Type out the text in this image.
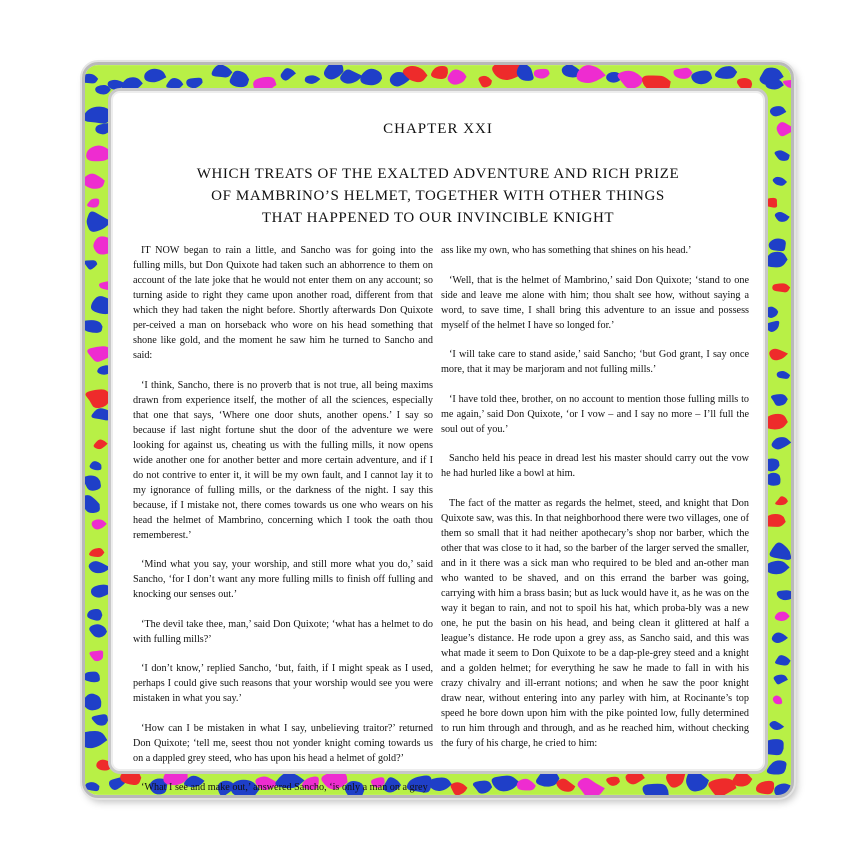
CHAPTER XXI
WHICH TREATS OF THE EXALTED ADVENTURE AND RICH PRIZE
OF MAMBRINO’S HELMET, TOGETHER WITH OTHER THINGS
THAT HAPPENED TO OUR INVINCIBLE KNIGHT

IT NOW began to rain a little, and Sancho was for going into the fulling mills, but Don Quixote had taken such an abhorrence to them on account of the late joke that he would not enter them on any account; so turning aside to right they came upon another road, different from that which they had taken the night before. Shortly afterwards Don Quixote per-ceived a man on horseback who wore on his head something that shone like gold, and the moment he saw him he turned to Sancho and said:

‘I think, Sancho, there is no proverb that is not true, all being maxims drawn from experience itself, the mother of all the sciences, especially that one that says, ‘Where one door shuts, another opens.’ I say so because if last night fortune shut the door of the adventure we were looking for against us, cheating us with the fulling mills, it now opens wide another one for another better and more certain adventure, and if I do not contrive to enter it, it will be my own fault, and I cannot lay it to my ignorance of fulling mills, or the darkness of the night. I say this because, if I mistake not, there comes towards us one who wears on his head the helmet of Mambrino, concerning which I took the oath thou rememberest.’

‘Mind what you say, your worship, and still more what you do,’ said Sancho, ‘for I don’t want any more fulling mills to finish off fulling and knocking our senses out.’

‘The devil take thee, man,’ said Don Quixote; ‘what has a helmet to do with fulling mills?’

‘I don’t know,’ replied Sancho, ‘but, faith, if I might speak as I used, perhaps I could give such reasons that your worship would see you were mistaken in what you say.’

‘How can I be mistaken in what I say, unbelieving traitor?’ returned Don Quixote; ‘tell me, seest thou not yonder knight coming towards us on a dappled grey steed, who has upon his head a helmet of gold?’

‘What I see and make out,’ answered Sancho, ‘is only a man on a grey

ass like my own, who has something that shines on his head.’

‘Well, that is the helmet of Mambrino,’ said Don Quixote; ‘stand to one side and leave me alone with him; thou shalt see how, without saying a word, to save time, I shall bring this adventure to an issue and possess myself of the helmet I have so longed for.’

‘I will take care to stand aside,’ said Sancho; ‘but God grant, I say once more, that it may be marjoram and not fulling mills.’

‘I have told thee, brother, on no account to mention those fulling mills to me again,’ said Don Quixote, ‘or I vow – and I say no more – I’ll full the soul out of you.’

Sancho held his peace in dread lest his master should carry out the vow he had hurled like a bowl at him.

The fact of the matter as regards the helmet, steed, and knight that Don Quixote saw, was this. In that neighborhood there were two villages, one of them so small that it had neither apothecary’s shop nor barber, which the other that was close to it had, so the barber of the larger served the smaller, and in it there was a sick man who required to be bled and an-other man who wanted to be shaved, and on this errand the barber was going, carrying with him a brass basin; but as luck would have it, as he was on the way it began to rain, and not to spoil his hat, which proba-bly was a new one, he put the basin on his head, and being clean it glittered at half a league’s distance. He rode upon a grey ass, as Sancho said, and this was what made it seem to Don Quixote to be a dap-ple-grey steed and a knight and a golden helmet; for everything he saw he made to fall in with his crazy chivalry and ill-errant notions; and when he saw the poor knight draw near, without entering into any parley with him, at Rocinante’s top speed he bore down upon him with the pike pointed low, fully determined to run him through and through, and as he reached him, without checking the fury of his charge, he cried to him:
